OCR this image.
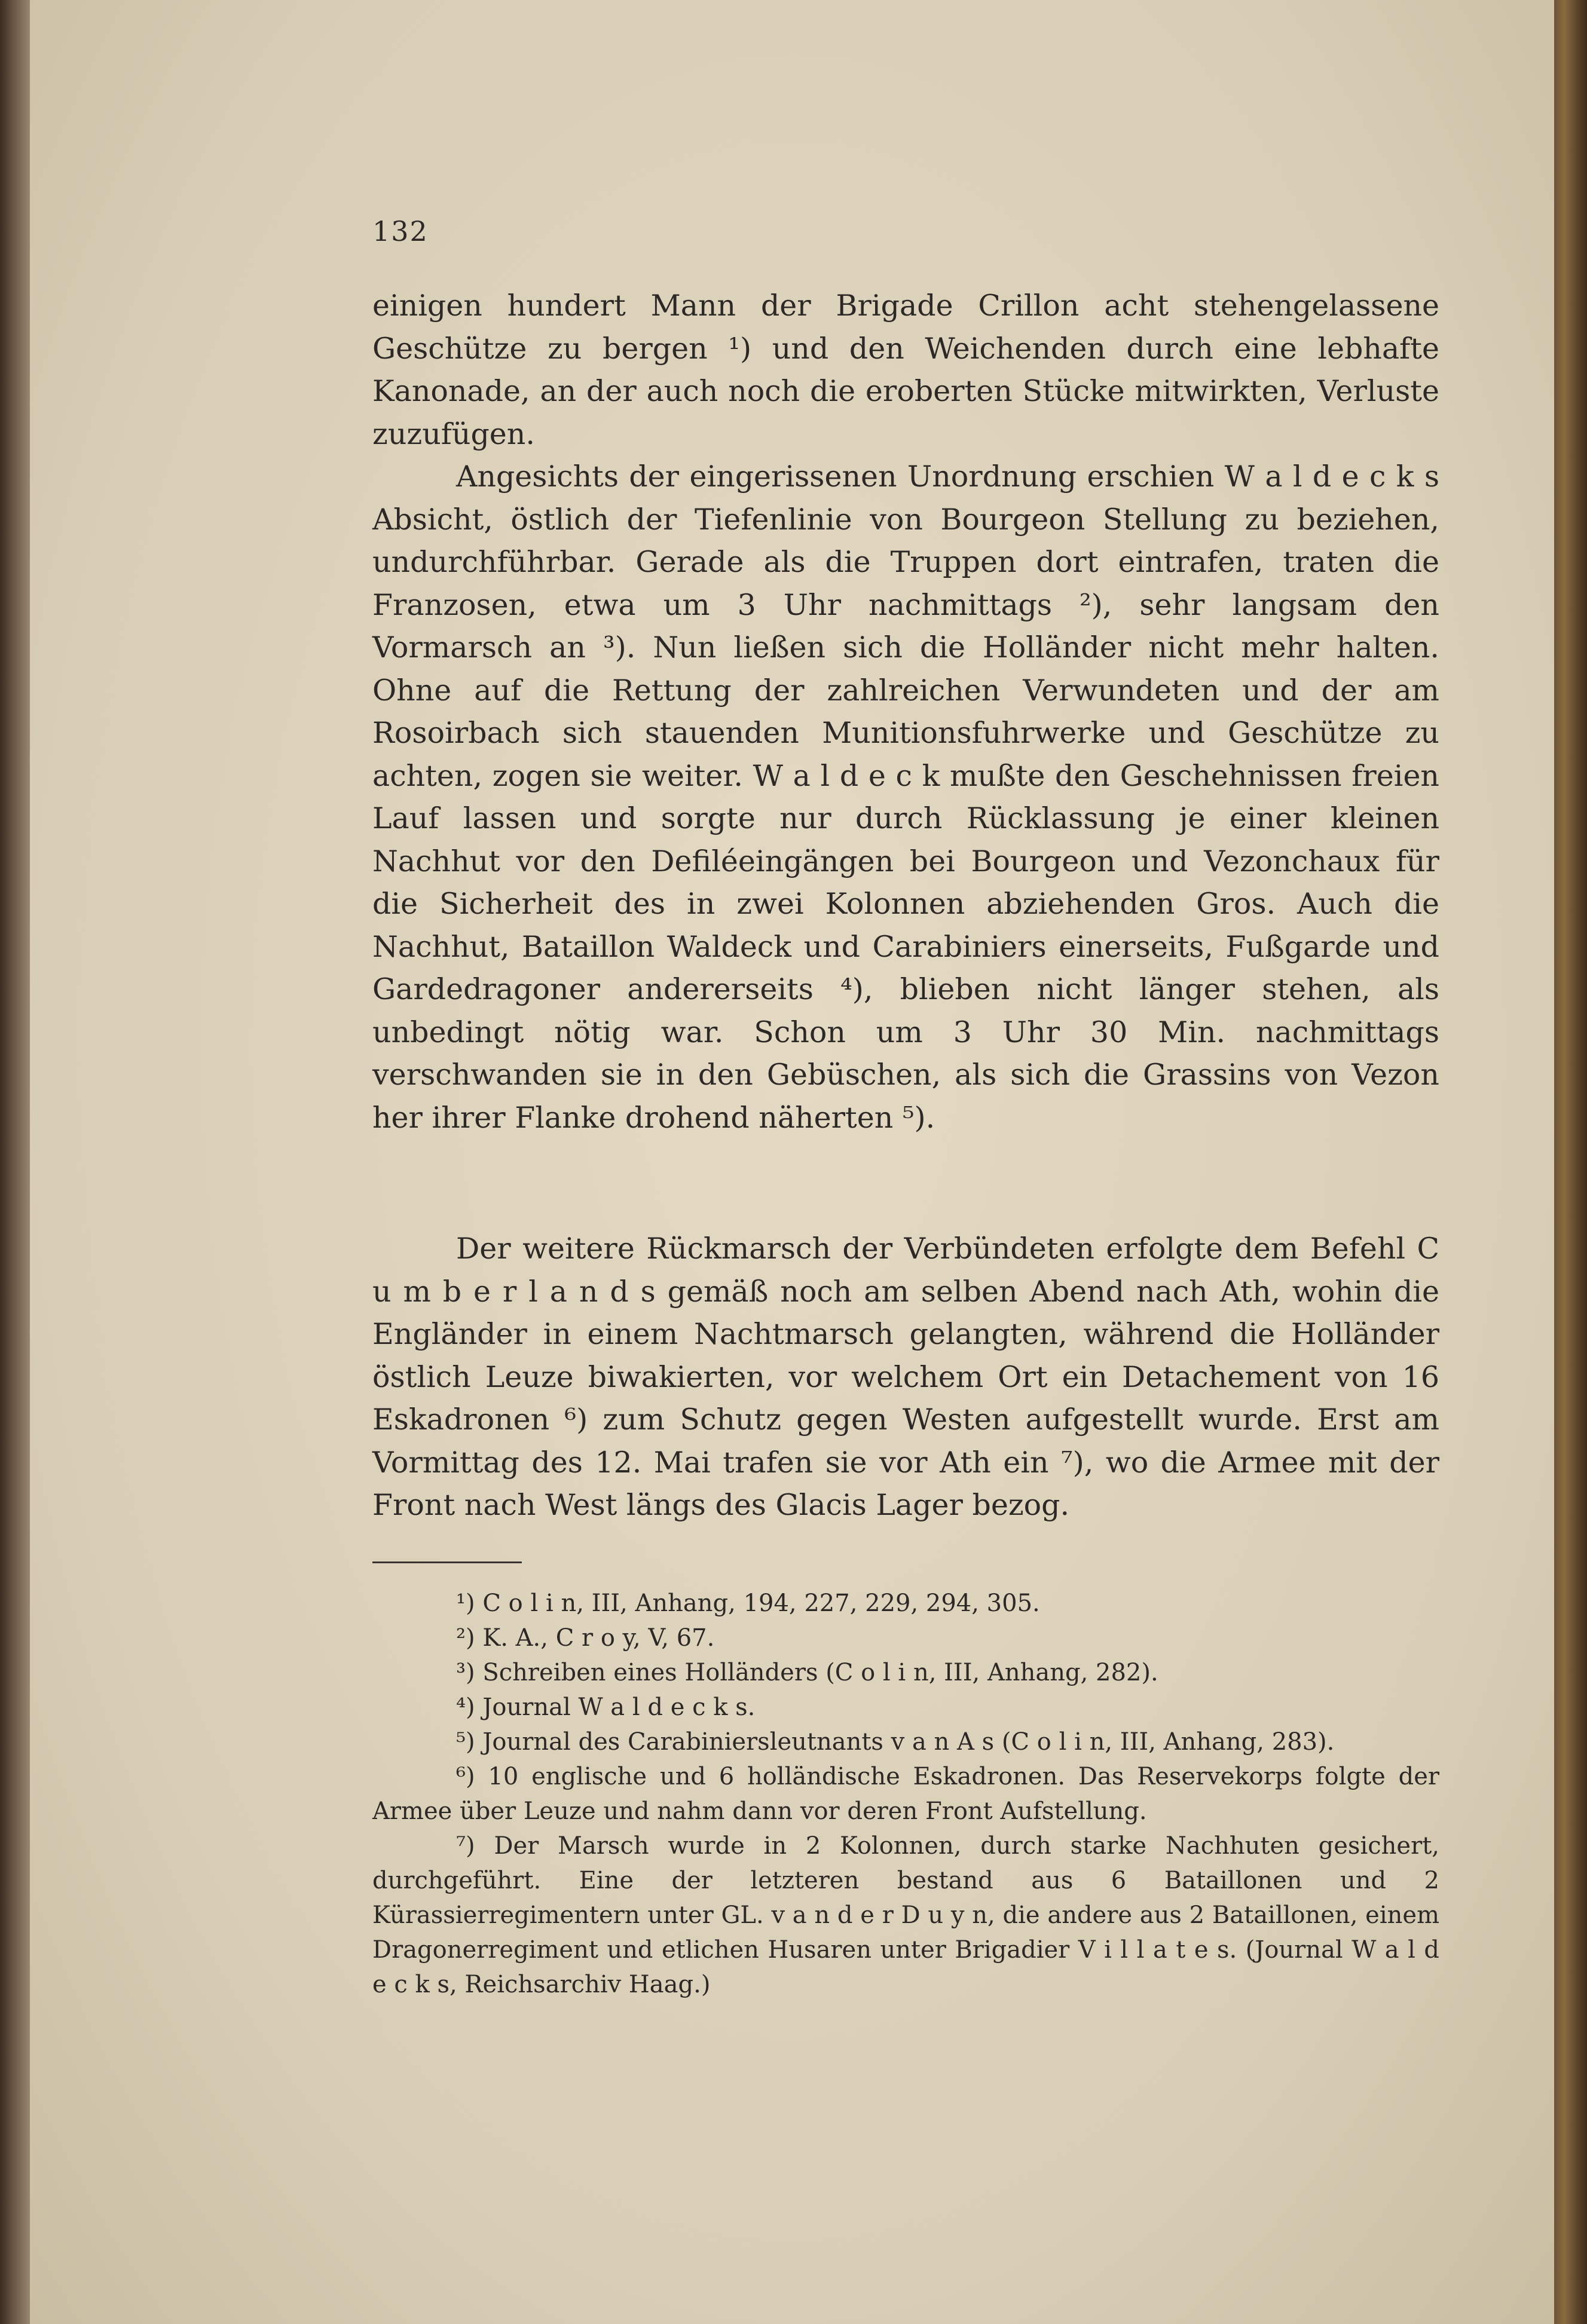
132

einigen hundert Mann der Brigade Crillon acht stehengelassene Geschütze zu bergen ¹) und den Weichenden durch eine lebhafte Kanonade, an der auch noch die eroberten Stücke mitwirkten, Verluste zuzufügen.

Angesichts der eingerissenen Unordnung erschien W a l d e c k s Absicht, östlich der Tiefenlinie von Bourgeon Stellung zu beziehen, undurchführbar. Gerade als die Truppen dort eintrafen, traten die Franzosen, etwa um 3 Uhr nachmittags ²), sehr langsam den Vormarsch an ³). Nun ließen sich die Holländer nicht mehr halten. Ohne auf die Rettung der zahlreichen Verwundeten und der am Rosoirbach sich stauenden Munitionsfuhrwerke und Geschütze zu achten, zogen sie weiter. W a l d e c k mußte den Geschehnissen freien Lauf lassen und sorgte nur durch Rücklassung je einer kleinen Nachhut vor den Defiléeingängen bei Bourgeon und Vezonchaux für die Sicherheit des in zwei Kolonnen abziehenden Gros. Auch die Nachhut, Bataillon Waldeck und Carabiniers einerseits, Fußgarde und Gardedragoner andererseits ⁴), blieben nicht länger stehen, als unbedingt nötig war. Schon um 3 Uhr 30 Min. nachmittags verschwanden sie in den Gebüschen, als sich die Grassins von Vezon her ihrer Flanke drohend näherten ⁵).

Der weitere Rückmarsch der Verbündeten erfolgte dem Befehl C u m b e r l a n d s gemäß noch am selben Abend nach Ath, wohin die Engländer in einem Nachtmarsch gelangten, während die Holländer östlich Leuze biwakierten, vor welchem Ort ein Detachement von 16 Eskadronen ⁶) zum Schutz gegen Westen aufgestellt wurde. Erst am Vormittag des 12. Mai trafen sie vor Ath ein ⁷), wo die Armee mit der Front nach West längs des Glacis Lager bezog.

¹) C o l i n, III, Anhang, 194, 227, 229, 294, 305.

²) K. A., C r o y, V, 67.

³) Schreiben eines Holländers (C o l i n, III, Anhang, 282).

⁴) Journal W a l d e c k s.

⁵) Journal des Carabinierslеutnants v a n A s (C o l i n, III, Anhang, 283).

⁶) 10 englische und 6 holländische Eskadronen. Das Reservekorps folgte der Armee über Leuze und nahm dann vor deren Front Aufstellung.

⁷) Der Marsch wurde in 2 Kolonnen, durch starke Nachhuten gesichert, durchgeführt. Eine der letzteren bestand aus 6 Bataillonen und 2 Kürassierregimentern unter GL. v a n d e r D u y n, die andere aus 2 Bataillonen, einem Dragonerregiment und etlichen Husaren unter Brigadier V i l l a t e s. (Journal W a l d e c k s, Reichsarchiv Haag.)
